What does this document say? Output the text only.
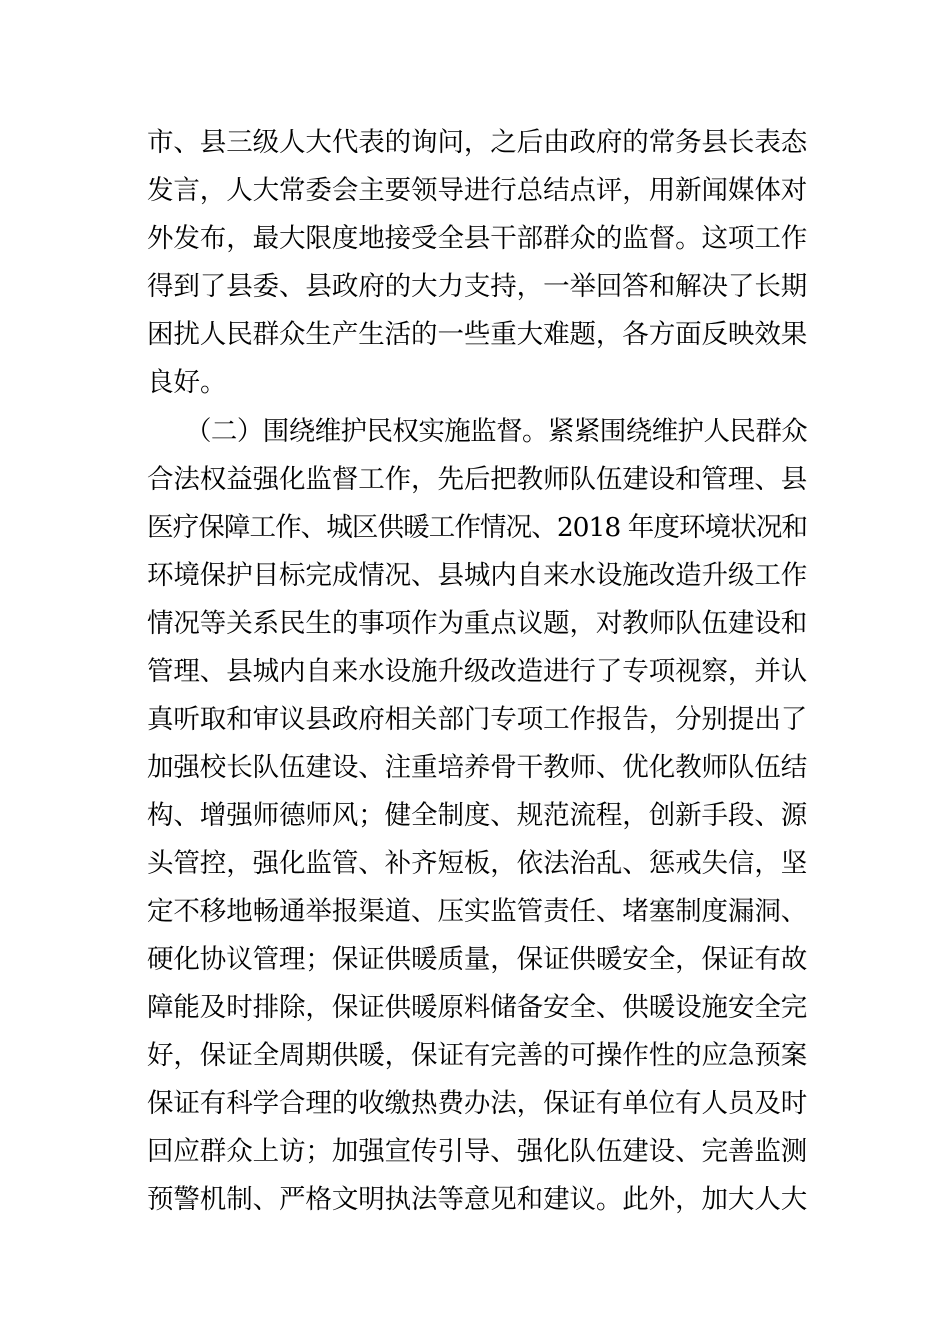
市、县三级人大代表的询问，之后由政府的常务县长表态
发言，人大常委会主要领导进行总结点评，用新闻媒体对
外发布，最大限度地接受全县干部群众的监督。这项工作
得到了县委、县政府的大力支持，一举回答和解决了长期
困扰人民群众生产生活的一些重大难题，各方面反映效果
良好。
（二）围绕维护民权实施监督。紧紧围绕维护人民群众
合法权益强化监督工作，先后把教师队伍建设和管理、县
医疗保障工作、城区供暖工作情况、2018 年度环境状况和
环境保护目标完成情况、县城内自来水设施改造升级工作
情况等关系民生的事项作为重点议题，对教师队伍建设和
管理、县城内自来水设施升级改造进行了专项视察，并认
真听取和审议县政府相关部门专项工作报告，分别提出了
加强校长队伍建设、注重培养骨干教师、优化教师队伍结
构、增强师德师风；健全制度、规范流程，创新手段、源
头管控，强化监管、补齐短板，依法治乱、惩戒失信，坚
定不移地畅通举报渠道、压实监管责任、堵塞制度漏洞、
硬化协议管理；保证供暖质量，保证供暖安全，保证有故
障能及时排除，保证供暖原料储备安全、供暖设施安全完
好，保证全周期供暖，保证有完善的可操作性的应急预案
保证有科学合理的收缴热费办法，保证有单位有人员及时
回应群众上访；加强宣传引导、强化队伍建设、完善监测
预警机制、严格文明执法等意见和建议。此外，加大人大
